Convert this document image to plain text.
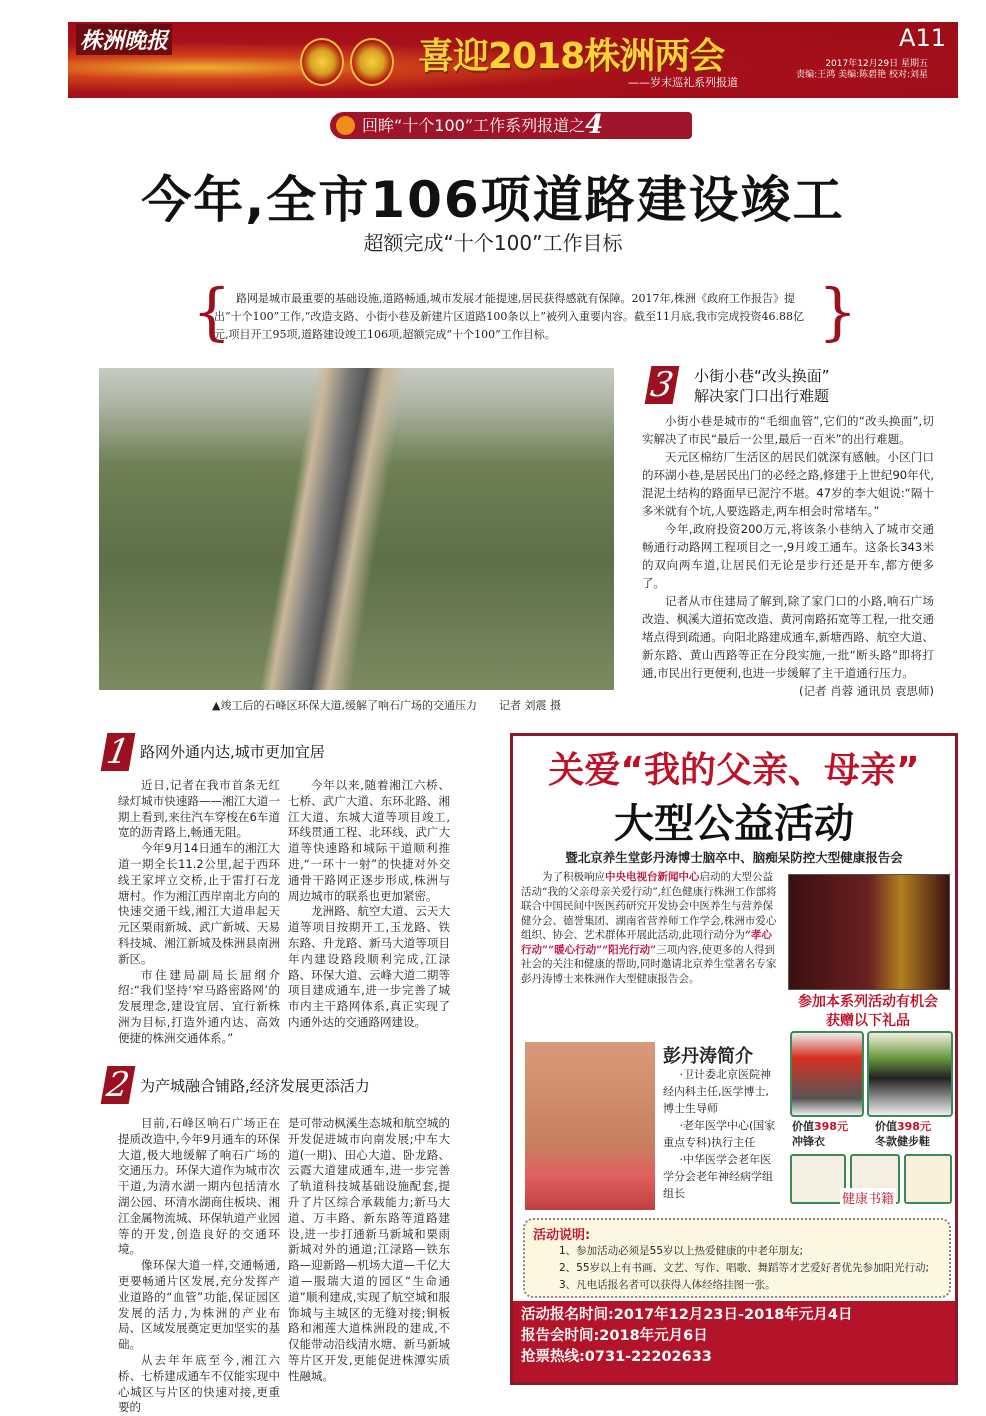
株洲晚报	喜迎2018株洲两会
——岁末巡礼系列报道
A11
2017年12月29日 星期五
责编:王鸿 美编:陈碧艳 校对:刘星
回眸“十个100”工作系列报道之4
今年,全市106项道路建设竣工
超额完成“十个100”工作目标
{	}
路网是城市最重要的基础设施,道路畅通,城市发展才能提速,居民获得感就有保障。2017年,株洲《政府工作报告》提出“十个100”工作,“改造支路、小街小巷及新建片区道路100条以上”被列入重要内容。截至11月底,我市完成投资46.88亿元,项目开工95项,道路建设竣工106项,超额完成“十个100”工作目标。
▲竣工后的石峰区环保大道,缓解了响石广场的交通压力　　记者 刘震 摄
3 小街小巷“改头换面”
解决家门口出行难题

小街小巷是城市的“毛细血管”,它们的“改头换面”,切实解决了市民“最后一公里,最后一百米”的出行难题。

天元区棉纺厂生活区的居民们就深有感触。小区门口的环湖小巷,是居民出门的必经之路,修建于上世纪90年代,混泥土结构的路面早已泥泞不堪。47岁的李大姐说:“隔十多米就有个坑,人要选路走,两车相会时常堵车。”

今年,政府投资200万元,将该条小巷纳入了城市交通畅通行动路网工程项目之一,9月竣工通车。这条长343米的双向两车道,让居民们无论是步行还是开车,都方便多了。

记者从市住建局了解到,除了家门口的小路,响石广场改造、枫溪大道拓宽改造、黄河南路拓宽等工程,一批交通堵点得到疏通。向阳北路建成通车,新塘西路、航空大道、新东路、黄山西路等正在分段实施,一批“断头路”即将打通,市民出行更便利,也进一步缓解了主干道通行压力。

(记者 肖蓉 通讯员 袁思师)
1 路网外通内达,城市更加宜居

近日,记者在我市首条无红绿灯城市快速路——湘江大道一期上看到,来往汽车穿梭在6车道宽的沥青路上,畅通无阻。

今年9月14日通车的湘江大道一期全长11.2公里,起于西环线王家坪立交桥,止于雷打石龙塘村。作为湘江西岸南北方向的快速交通干线,湘江大道串起天元区栗雨新城、武广新城、天易科技城、湘江新城及株洲县南洲新区。

市住建局副局长屈纲介绍:“我们坚持‘窄马路密路网’的发展理念,建设宜居、宜行新株洲为目标,打造外通内达、高效便捷的株洲交通体系。”

今年以来,随着湘江六桥、七桥、武广大道、东环北路、湘江大道、东城大道等项目竣工,环线贯通工程、北环线、武广大道等快速路和城际干道顺利推进,“一环十一射”的快捷对外交通骨干路网正逐步形成,株洲与周边城市的联系也更加紧密。

龙洲路、航空大道、云天大道等项目按期开工,玉龙路、铁东路、升龙路、新马大道等项目年内建设路段顺利完成,江渌路、环保大道、云峰大道二期等项目建成通车,进一步完善了城市内主干路网体系,真正实现了内通外达的交通路网建设。

2 为产城融合铺路,经济发展更添活力

目前,石峰区响石广场正在提质改造中,今年9月通车的环保大道,极大地缓解了响石广场的交通压力。环保大道作为城市次干道,为清水湖一期内包括清水湖公园、环清水湖商住板块、湘江金属物流城、环保轨道产业园等的开发,创造良好的交通环境。

像环保大道一样,交通畅通,更要畅通片区发展,充分发挥产业道路的“血管”功能,保证园区发展的活力,为株洲的产业布局、区域发展奠定更加坚实的基础。

从去年年底至今,湘江六桥、七桥建成通车不仅能实现中心城区与片区的快速对接,更重要的

是可带动枫溪生态城和航空城的开发促进城市向南发展;中车大道(一期)、田心大道、卧龙路、云霞大道建成通车,进一步完善了轨道科技城基础设施配套,提升了片区综合承载能力;新马大道、万丰路、新东路等道路建设,进一步打通新马新城和栗雨新城对外的通道;江渌路—铁东路—迎新路—机场大道—千亿大道—服瑞大道的园区“生命通道”顺利建成,实现了航空城和服饰城与主城区的无缝对接;铜板路和湘莲大道株洲段的建成,不仅能带动沿线清水塘、新马新城等片区开发,更能促进株潭实质性融城。
关爱“我的父亲、母亲”
大型公益活动
暨北京养生堂彭丹涛博士脑卒中、脑痴呆防控大型健康报告会
为了积极响应中央电视台新闻中心启动的大型公益活动“我的父亲母亲关爱行动”,红色健康行株洲工作部将联合中国民间中医医药研究开发协会中医养生与营养保健分会、德誉集团、湖南省营养师工作学会,株洲市爱心组织、协会、艺术群体开展此活动,此项行动分为“孝心行动”“暖心行动”“阳光行动”三项内容,使更多的人得到社会的关注和健康的帮助,同时邀请北京养生堂著名专家彭丹涛博士来株洲作大型健康报告会。
参加本系列活动有机会
获赠以下礼品
价值398元
冲锋衣
价值398元
冬款健步鞋
健康书籍
彭丹涛简介

·卫计委北京医院神经内科主任,医学博士,博士生导师

·老年医学中心(国家重点专科)执行主任

·中华医学会老年医学分会老年神经病学组组长

活动说明:
1、参加活动必须是55岁以上热爱健康的中老年朋友;
2、55岁以上有书画、文艺、写作、唱歌、舞蹈等才艺爱好者优先参加阳光行动;
3、凡电话报名者可以获得人体经络挂图一张。
活动报名时间:2017年12月23日-2018年元月4日
报告会时间:2018年元月6日
抢票热线:0731-22202633
